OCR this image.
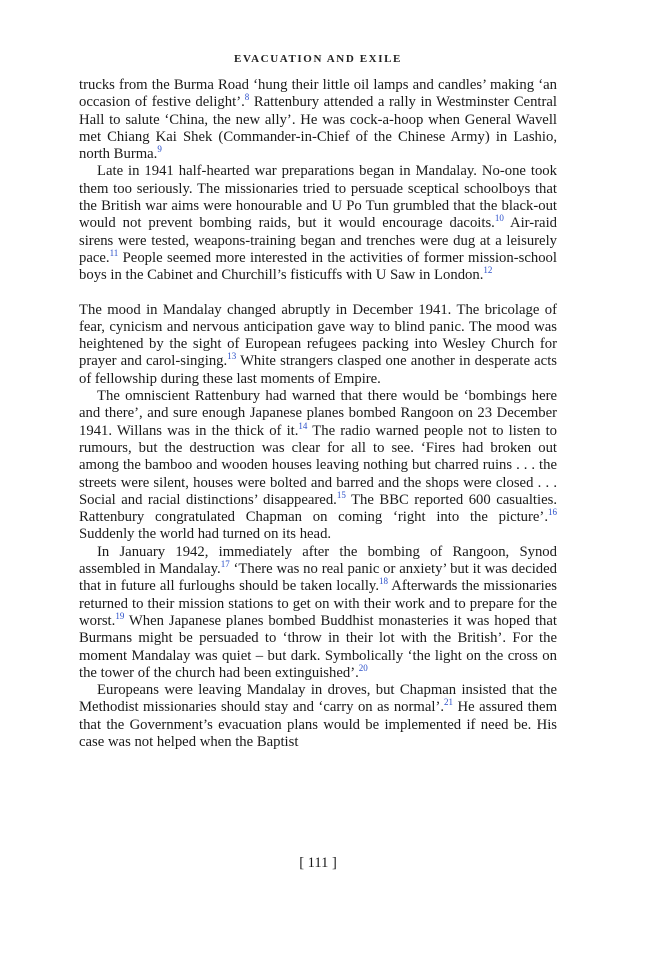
EVACUATION AND EXILE

trucks from the Burma Road ‘hung their little oil lamps and candles’ making ‘an occasion of festive delight’.$^8$ Rattenbury attended a rally in Westminster Central Hall to salute ‘China, the new ally’. He was cock-a-hoop when General Wavell met Chiang Kai Shek (Commander-in-Chief of the Chinese Army) in Lashio, north Burma.$^9$

Late in 1941 half-hearted war preparations began in Mandalay. No-one took them too seriously. The missionaries tried to persuade sceptical schoolboys that the British war aims were honourable and U Po Tun grumbled that the black-out would not prevent bombing raids, but it would encourage dacoits.$^{10}$ Air-raid sirens were tested, weapons-training began and trenches were dug at a leisurely pace.$^{11}$ People seemed more interested in the activities of former mission-school boys in the Cabinet and Churchill’s fisticuffs with U Saw in London.$^{12}$

The mood in Mandalay changed abruptly in December 1941. The bricolage of fear, cynicism and nervous anticipation gave way to blind panic. The mood was heightened by the sight of European refugees packing into Wesley Church for prayer and carol-singing.$^{13}$ White strangers clasped one another in desperate acts of fellowship during these last moments of Empire.

The omniscient Rattenbury had warned that there would be ‘bombings here and there’, and sure enough Japanese planes bombed Rangoon on 23 December 1941. Willans was in the thick of it.$^{14}$ The radio warned people not to listen to rumours, but the destruction was clear for all to see. ‘Fires had broken out among the bamboo and wooden houses leaving nothing but charred ruins . . . the streets were silent, houses were bolted and barred and the shops were closed . . . Social and racial distinctions’ disappeared.$^{15}$ The BBC reported 600 casualties. Rattenbury congratulated Chapman on coming ‘right into the picture’.$^{16}$ Suddenly the world had turned on its head.

In January 1942, immediately after the bombing of Rangoon, Synod assembled in Mandalay.$^{17}$ ‘There was no real panic or anxiety’ but it was decided that in future all furloughs should be taken locally.$^{18}$ Afterwards the missionaries returned to their mission stations to get on with their work and to prepare for the worst.$^{19}$ When Japanese planes bombed Buddhist monasteries it was hoped that Burmans might be persuaded to ‘throw in their lot with the British’. For the moment Mandalay was quiet – but dark. Symbolically ‘the light on the cross on the tower of the church had been extinguished’.$^{20}$

Europeans were leaving Mandalay in droves, but Chapman insisted that the Methodist missionaries should stay and ‘carry on as normal’.$^{21}$ He assured them that the Government’s evacuation plans would be implemented if need be. His case was not helped when the Baptist

[ 111 ]
